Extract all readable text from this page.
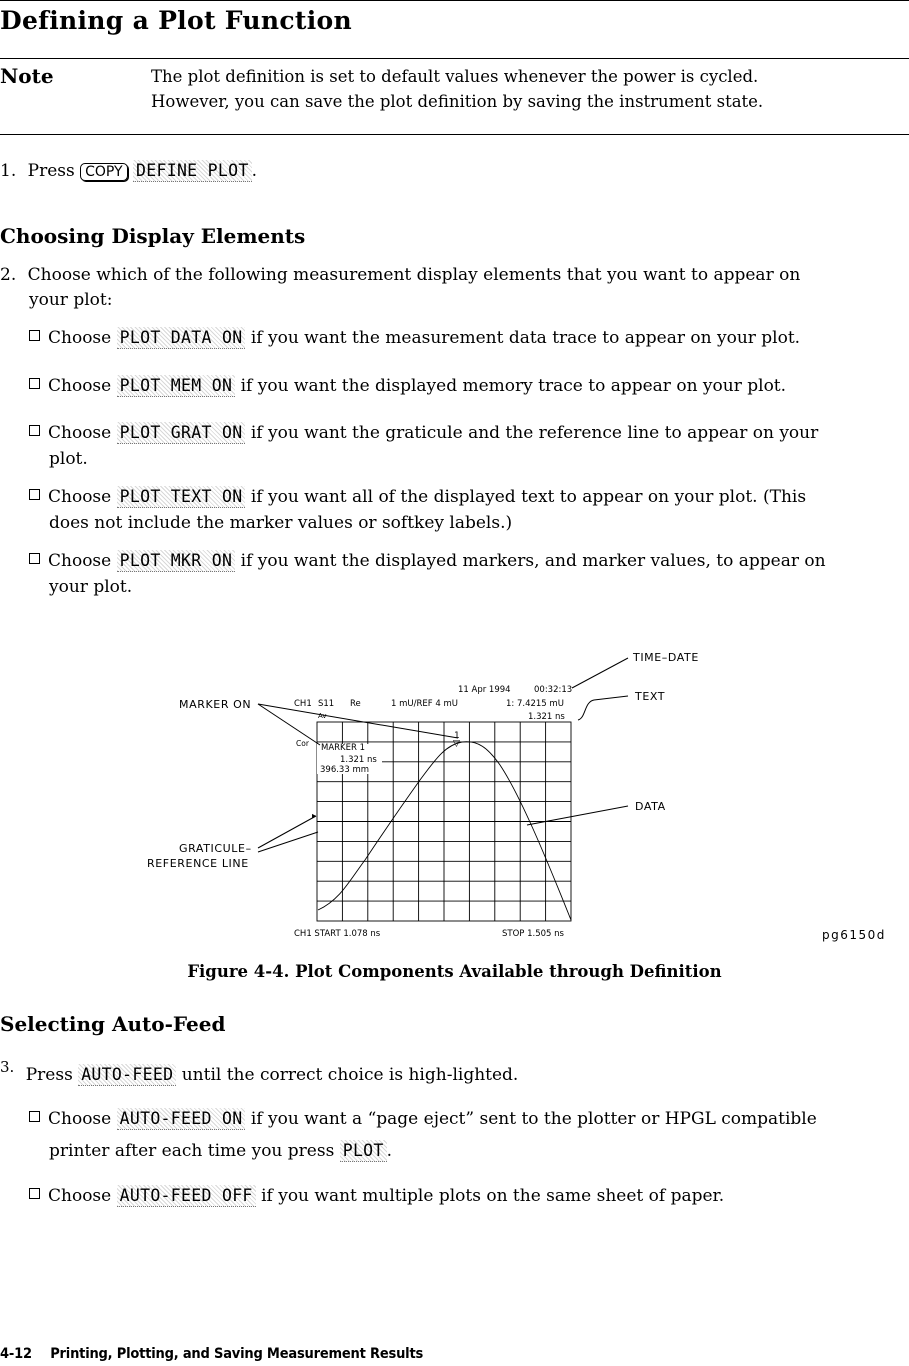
Defining a Plot Function
Note	The plot definition is set to default values whenever the power is cycled.
However, you can save the plot definition by saving the instrument state.
1. Press COPY DEFINE PLOT .
Choosing Display Elements
2. Choose which of the following measurement display elements that you want to appear on
your plot:
Choose PLOT DATA ON if you want the measurement data trace to appear on your plot.
Choose PLOT MEM ON if you want the displayed memory trace to appear on your plot.
Choose PLOT GRAT ON if you want the graticule and the reference line to appear on your
plot.
Choose PLOT TEXT ON if you want all of the displayed text to appear on your plot. (This
does not include the marker values or softkey labels.)
Choose PLOT MKR ON if you want the displayed markers, and marker values, to appear on
your plot.
1
▽
▸
11 Apr 1994	00:32:13
CH1 S11 Re	1 mU/REF 4 mU	1: 7.4215 mU
1.321 ns
Av
Cor MARKER 1
1.321 ns
396.33 mm
CH1 START 1.078 ns	STOP 1.505 ns
MARKER ON
GRATICULE–
REFERENCE LINE
TIME–DATE
TEXT
DATA
pg6150d
Figure 4-4. Plot Components Available through Definition
Selecting Auto-Feed
3. Press AUTO-FEED until the correct choice is high-lighted.
Choose AUTO-FEED ON if you want a “page eject” sent to the plotter or HPGL compatible
printer after each time you press PLOT .
Choose AUTO-FEED OFF if you want multiple plots on the same sheet of paper.
4-12 Printing, Plotting, and Saving Measurement Results
